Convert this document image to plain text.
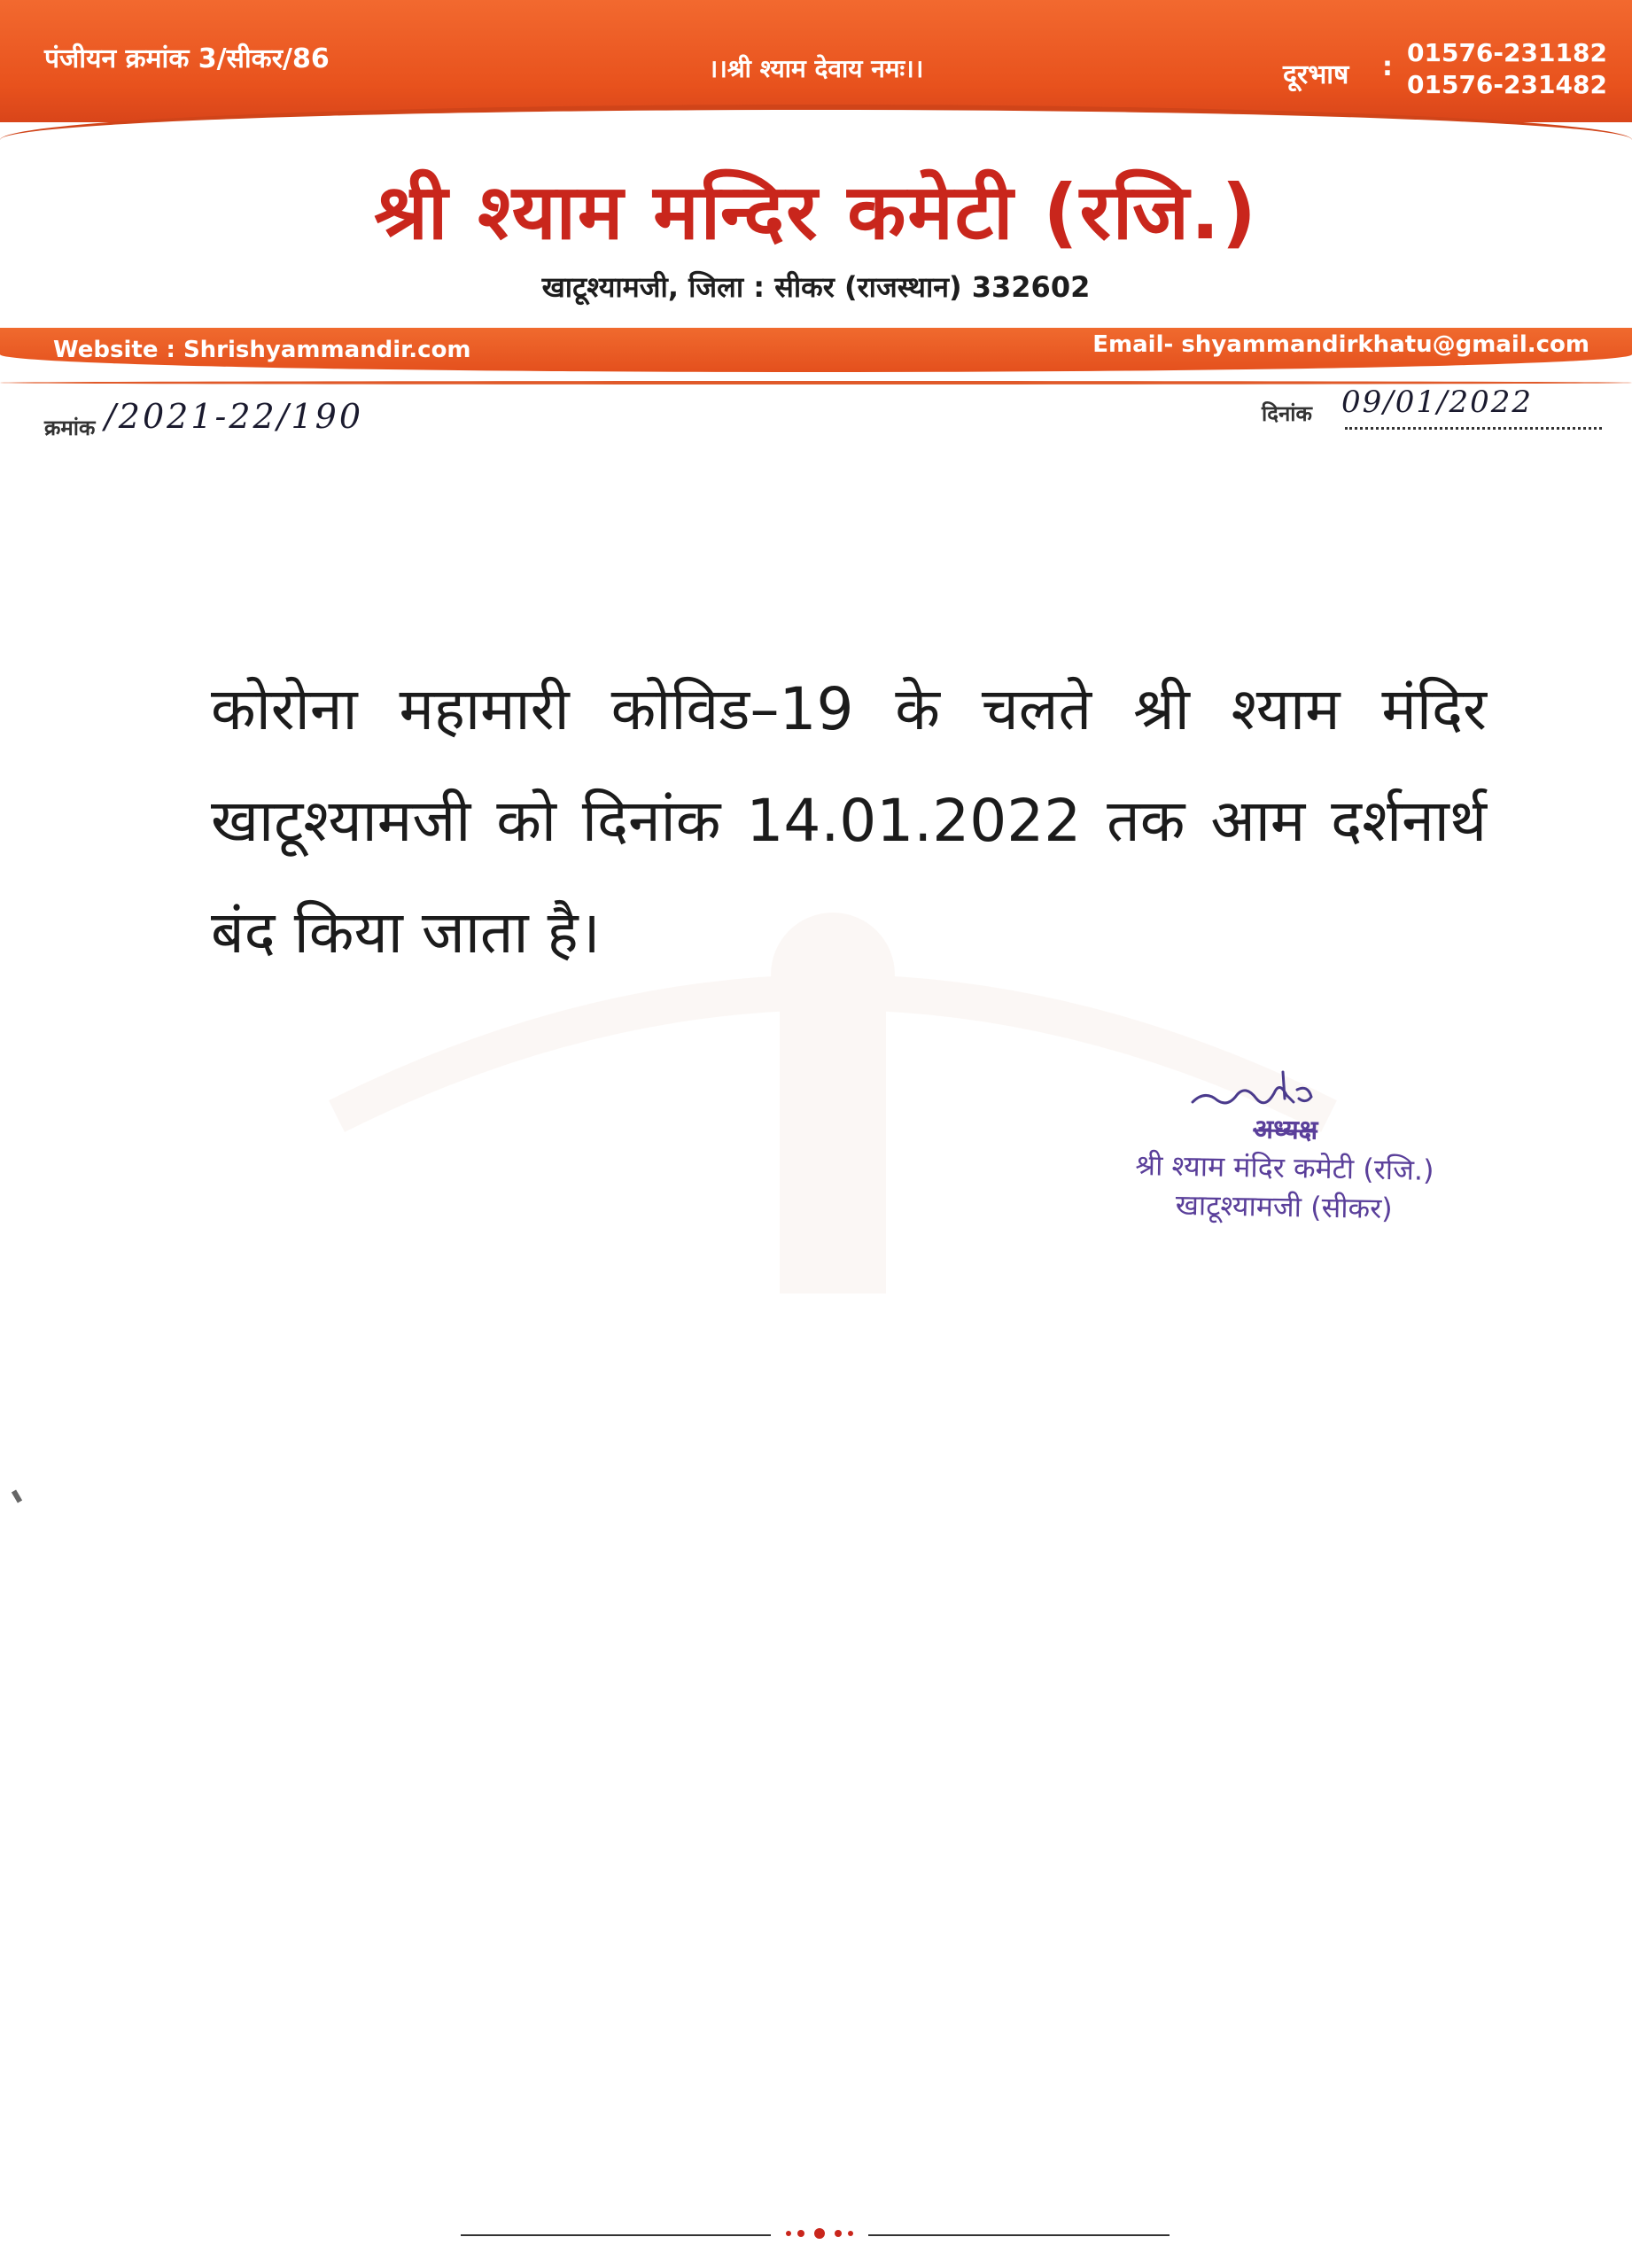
पंजीयन क्रमांक 3/सीकर/86	।।श्री श्याम देवाय नमः।।	दूरभाष : 01576-231182
01576-231482
श्री श्याम मन्दिर कमेटी (रजि.)
खाटूश्यामजी, जिला : सीकर (राजस्थान) 332602
Website : Shrishyammandir.com	Email- shyammandirkhatu@gmail.com
क्रमांक /2021-22/190	दिनांक 09/01/2022
कोरोना महामारी कोविड–19 के चलते श्री श्याम मंदिर खाटूश्यामजी को दिनांक 14.01.2022 तक आम दर्शनार्थ बंद किया जाता है।
अध्यक्ष
श्री श्याम मंदिर कमेटी (रजि.)
खाटूश्यामजी (सीकर)
